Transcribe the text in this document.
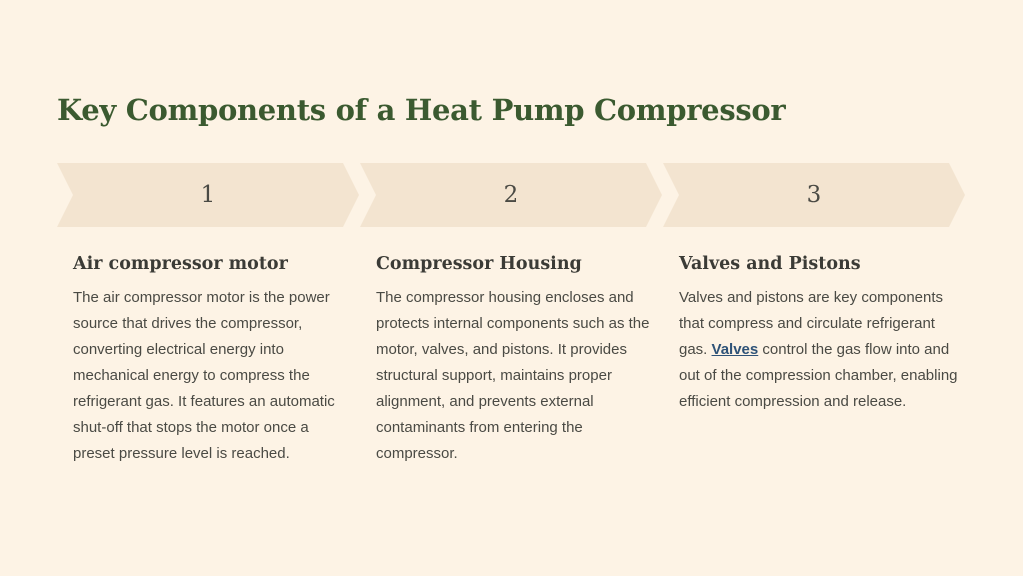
Key Components of a Heat Pump Compressor
1	2	3
Air compressor motor

The air compressor motor is the power source that drives the compressor, converting electrical energy into mechanical energy to compress the refrigerant gas. It features an automatic shut-off that stops the motor once a preset pressure level is reached.

Compressor Housing

The compressor housing encloses and protects internal components such as the motor, valves, and pistons. It provides structural support, maintains proper alignment, and prevents external contaminants from entering the compressor.

Valves and Pistons

Valves and pistons are key components that compress and circulate refrigerant gas. Valves control the gas flow into and out of the compression chamber, enabling efficient compression and release.
